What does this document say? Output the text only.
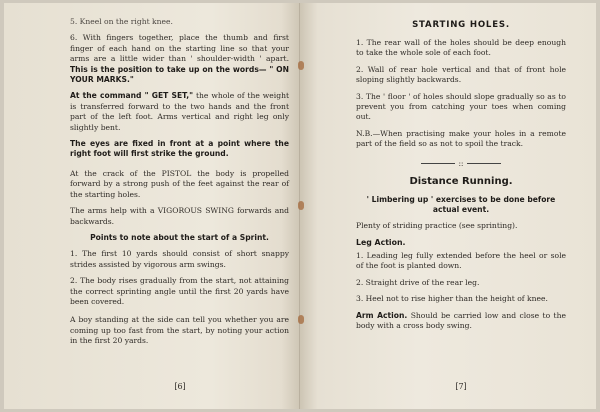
5. Kneel on the right knee.

6. With fingers together, place the thumb and first finger of each hand on the starting line so that your arms are a little wider than ' shoulder-width ' apart. This is the position to take up on the words— " ON YOUR MARKS."

At the command " GET SET," the whole of the weight is transferred forward to the two hands and the front part of the left foot. Arms vertical and right leg only slightly bent.

The eyes are fixed in front at a point where the right foot will first strike the ground.

At the crack of the PISTOL the body is propelled forward by a strong push of the feet against the rear of the starting holes.

The arms help with a VIGOROUS SWING forwards and backwards.

Points to note about the start of a Sprint.

1. The first 10 yards should consist of short snappy strides assisted by vigorous arm swings.

2. The body rises gradually from the start, not attaining the correct sprinting angle until the first 20 yards have been covered.

A boy standing at the side can tell you whether you are coming up too fast from the start, by noting your action in the first 20 yards.

[6]
STARTING HOLES.

1. The rear wall of the holes should be deep enough to take the whole sole of each foot.

2. Wall of rear hole vertical and that of front hole sloping slightly backwards.

3. The ' floor ' of holes should slope gradually so as to prevent you from catching your toes when coming out.

N.B.—When practising make your holes in a remote part of the field so as not to spoil the track.

::
Distance Running.

' Limbering up ' exercises to be done before actual event.

Plenty of striding practice (see sprinting).

Leg Action.

1. Leading leg fully extended before the heel or sole of the foot is planted down.

2. Straight drive of the rear leg.

3. Heel not to rise higher than the height of knee.

Arm Action. Should be carried low and close to the body with a cross body swing.

[7]
